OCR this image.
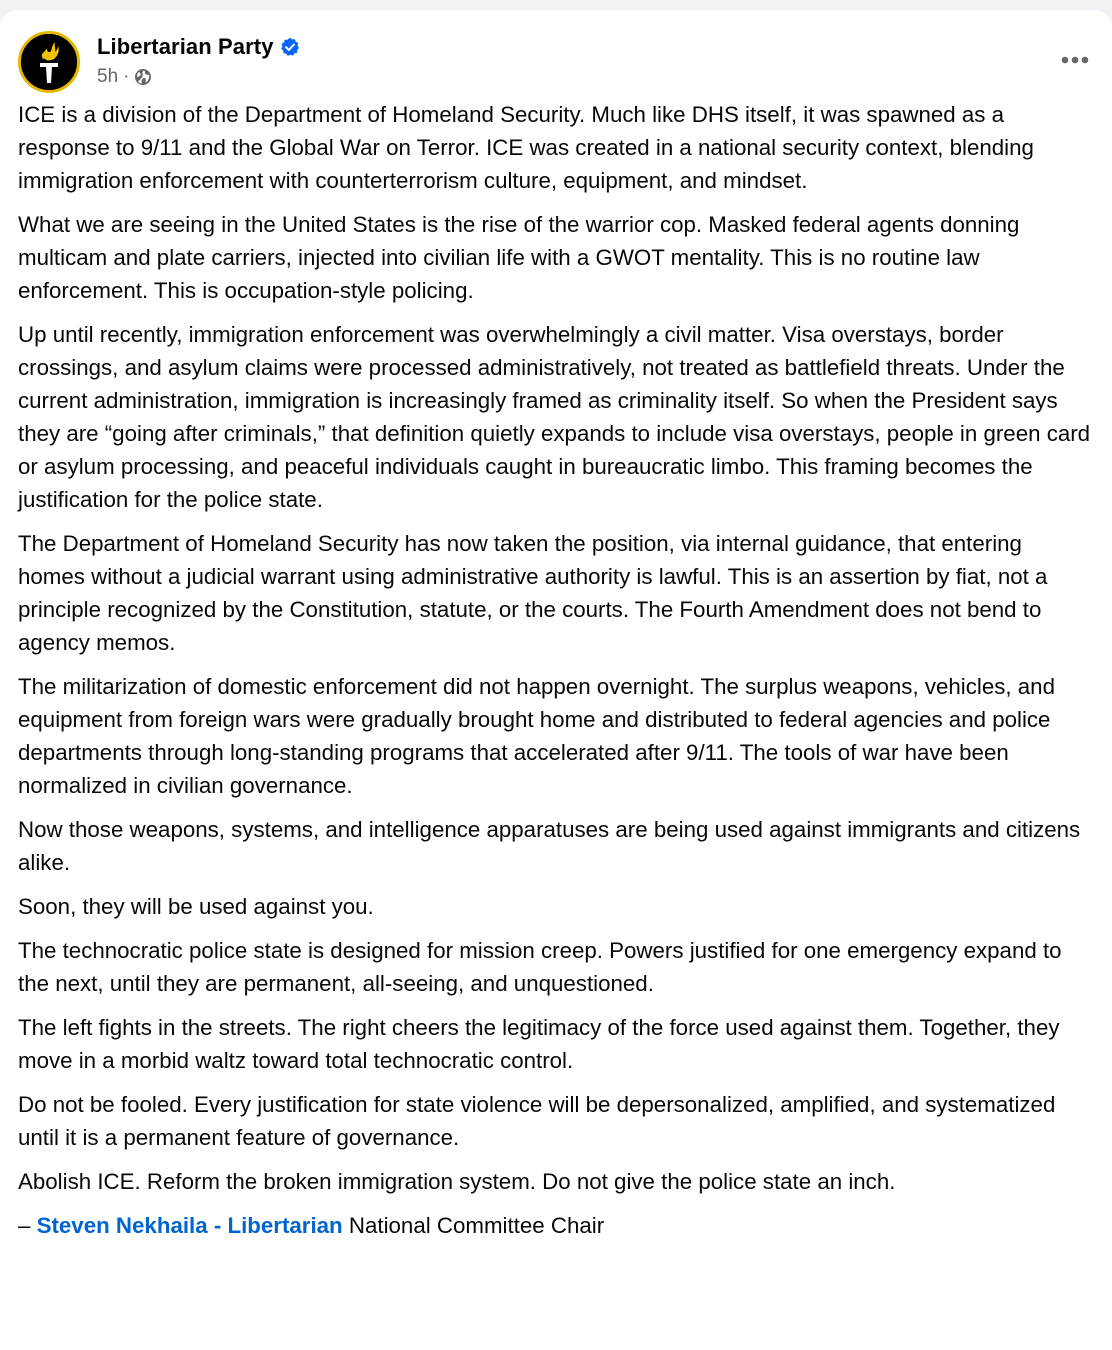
Libertarian Party
5h ·

ICE is a division of the Department of Homeland Security. Much like DHS itself, it was spawned as a response to 9/11 and the Global War on Terror. ICE was created in a national security context, blending immigration enforcement with counterterrorism culture, equipment, and mindset.

What we are seeing in the United States is the rise of the warrior cop. Masked federal agents donning multicam and plate carriers, injected into civilian life with a GWOT mentality. This is no routine law enforcement. This is occupation-style policing.

Up until recently, immigration enforcement was overwhelmingly a civil matter. Visa overstays, border crossings, and asylum claims were processed administratively, not treated as battlefield threats. Under the current administration, immigration is increasingly framed as criminality itself. So when the President says they are “going after criminals,” that definition quietly expands to include visa overstays, people in green card or asylum processing, and peaceful individuals caught in bureaucratic limbo. This framing becomes the justification for the police state.

The Department of Homeland Security has now taken the position, via internal guidance, that entering homes without a judicial warrant using administrative authority is lawful. This is an assertion by fiat, not a principle recognized by the Constitution, statute, or the courts. The Fourth Amendment does not bend to agency memos.

The militarization of domestic enforcement did not happen overnight. The surplus weapons, vehicles, and equipment from foreign wars were gradually brought home and distributed to federal agencies and police departments through long-standing programs that accelerated after 9/11. The tools of war have been normalized in civilian governance.

Now those weapons, systems, and intelligence apparatuses are being used against immigrants and citizens alike.

Soon, they will be used against you.

The technocratic police state is designed for mission creep. Powers justified for one emergency expand to the next, until they are permanent, all-seeing, and unquestioned.

The left fights in the streets. The right cheers the legitimacy of the force used against them. Together, they move in a morbid waltz toward total technocratic control.

Do not be fooled. Every justification for state violence will be depersonalized, amplified, and systematized until it is a permanent feature of governance.

Abolish ICE. Reform the broken immigration system. Do not give the police state an inch.

– Steven Nekhaila - Libertarian National Committee Chair
